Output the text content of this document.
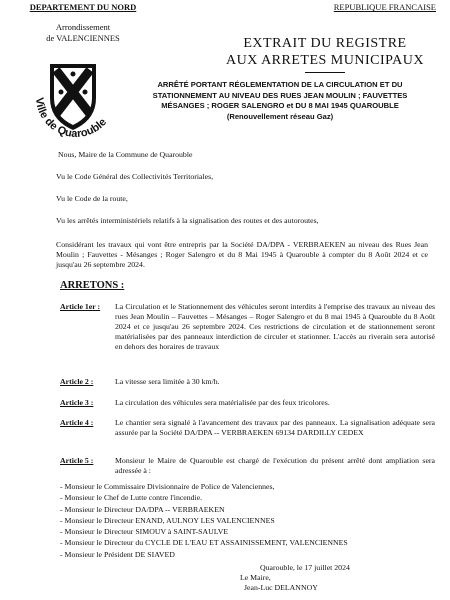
DEPARTEMENT DU NORD
Arrondissement
de VALENCIENNES
REPUBLIQUE FRANCAISE
Ville de Quarouble
EXTRAIT DU REGISTRE
AUX ARRETES MUNICIPAUX
ARRÊTÉ PORTANT RÉGLEMENTATION DE LA CIRCULATION ET DU
STATIONNEMENT AU NIVEAU DES RUES JEAN MOULIN ; FAUVETTES
MÉSANGES ; ROGER SALENGRO et DU 8 MAI 1945 QUAROUBLE
(Renouvellement réseau Gaz)

Nous, Maire de la Commune de Quarouble

Vu le Code Général des Collectivités Territoriales,

Vu le Code de la route,

Vu les arrêtés interministériels relatifs à la signalisation des routes et des autoroutes,

Considérant les travaux qui vont être entrepris par la Société DA/DPA - VERBRAEKEN au niveau des Rues Jean Moulin ; Fauvettes - Mésanges ; Roger Salengro et du 8 Mai 1945 à Quarouble à compter du 8 Août 2024 et ce jusqu'au 26 septembre 2024.

ARRETONS :
Article 1er : La Circulation et le Stationnement des véhicules seront interdits à l'emprise des travaux au niveau des rues Jean Moulin – Fauvettes – Mésanges – Roger Salengro et du 8 mai 1945 à Quarouble du 8 Août 2024 et ce jusqu'au 26 septembre 2024. Ces restrictions de circulation et de stationnement seront matérialisées par des panneaux interdiction de circuler et stationner. L'accès au riverain sera autorisé en dehors des horaires de travaux
Article 2 :	La vitesse sera limitée à 30 km/h.
Article 3 :	La circulation des véhicules sera matérialisée par des feux tricolores.
Article 4 :	Le chantier sera signalé à l'avancement des travaux par des panneaux. La signalisation adéquate sera assurée par la Société DA/DPA -- VERBRAEKEN 69134 DARDILLY CEDEX
Article 5 :	Monsieur le Maire de Quarouble est chargé de l'exécution du présent arrêté dont ampliation sera adressée à :
- Monsieur le Commissaire Divisionnaire de Police de Valenciennes,
- Monsieur le Chef de Lutte contre l'incendie.
- Monsieur le Directeur DA/DPA -- VERBRAEKEN
- Monsieur le Directeur ENAND, AULNOY LES VALENCIENNES
- Monsieur le Directeur SIMOUV à SAINT-SAULVE
- Monsieur le Directeur du CYCLE DE L'EAU ET ASSAINISSEMENT, VALENCIENNES
- Monsieur le Président DE SIAVED
Quarouble, le 17 juillet 2024
Le Maire,
Jean-Luc DELANNOY
